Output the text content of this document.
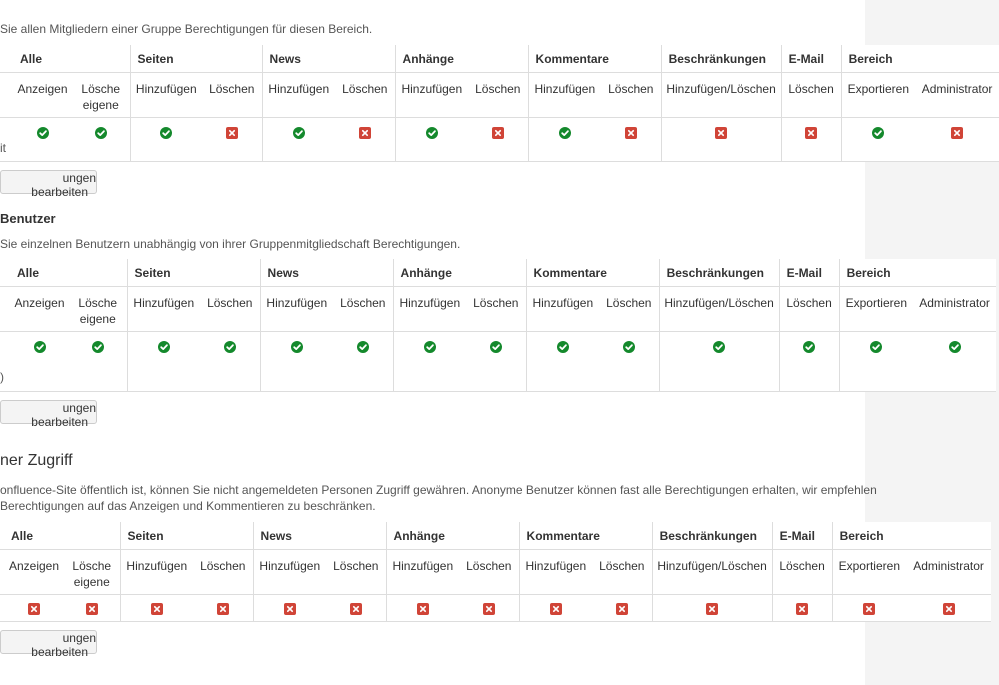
Sie allen Mitgliedern einer Gruppe Berechtigungen für diesen Bereich.
	Alle		Seiten		News		Anhänge		Kommentare		Beschränkungen	E-Mail	Bereich	
	Anzeigen	Lösche eigene	Hinzufügen	Löschen	Hinzufügen	Löschen	Hinzufügen	Löschen	Hinzufügen	Löschen	Hinzufügen/Löschen	Löschen	Exportieren	Administrator

it

ungen bearbeiten
Benutzer
Sie einzelnen Benutzern unabhängig von ihrer Gruppenmitgliedschaft Berechtigungen.
	Alle		Seiten		News		Anhänge		Kommentare		Beschränkungen	E-Mail	Bereich	
	Anzeigen	Lösche eigene	Hinzufügen	Löschen	Hinzufügen	Löschen	Hinzufügen	Löschen	Hinzufügen	Löschen	Hinzufügen/Löschen	Löschen	Exportieren	Administrator

)

ungen bearbeiten
ner Zugriff
onfluence-Site öffentlich ist, können Sie nicht angemeldeten Personen Zugriff gewähren. Anonyme Benutzer können fast alle Berechtigungen erhalten, wir empfehlen
Berechtigungen auf das Anzeigen und Kommentieren zu beschränken.
	Alle		Seiten		News		Anhänge		Kommentare		Beschränkungen	E-Mail	Bereich	
	Anzeigen	Lösche eigene	Hinzufügen	Löschen	Hinzufügen	Löschen	Hinzufügen	Löschen	Hinzufügen	Löschen	Hinzufügen/Löschen	Löschen	Exportieren	Administrator

ungen bearbeiten
